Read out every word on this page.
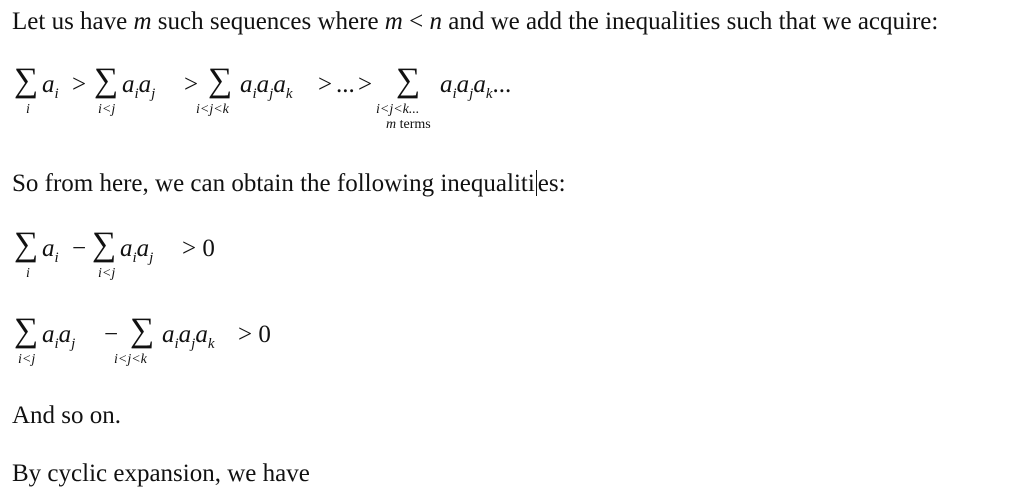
Let us have m such sequences where m < n and we add the inequalities such that we acquire:
∑ $a_i$
i
> ∑ $a_ia_j$
i<j
> ∑ $a_ia_ja_k$
i<j<k
> ... > ∑ $a_ia_ja_k$...
i<j<k...
m terms
So from here, we can obtain the following inequaliti es:
∑ $a_i$
i
− ∑ $a_ia_j$
i<j
> 0
∑ $a_ia_j$
i<j
− ∑ $a_ia_ja_k$
i<j<k
> 0
And so on.
By cyclic expansion, we have
